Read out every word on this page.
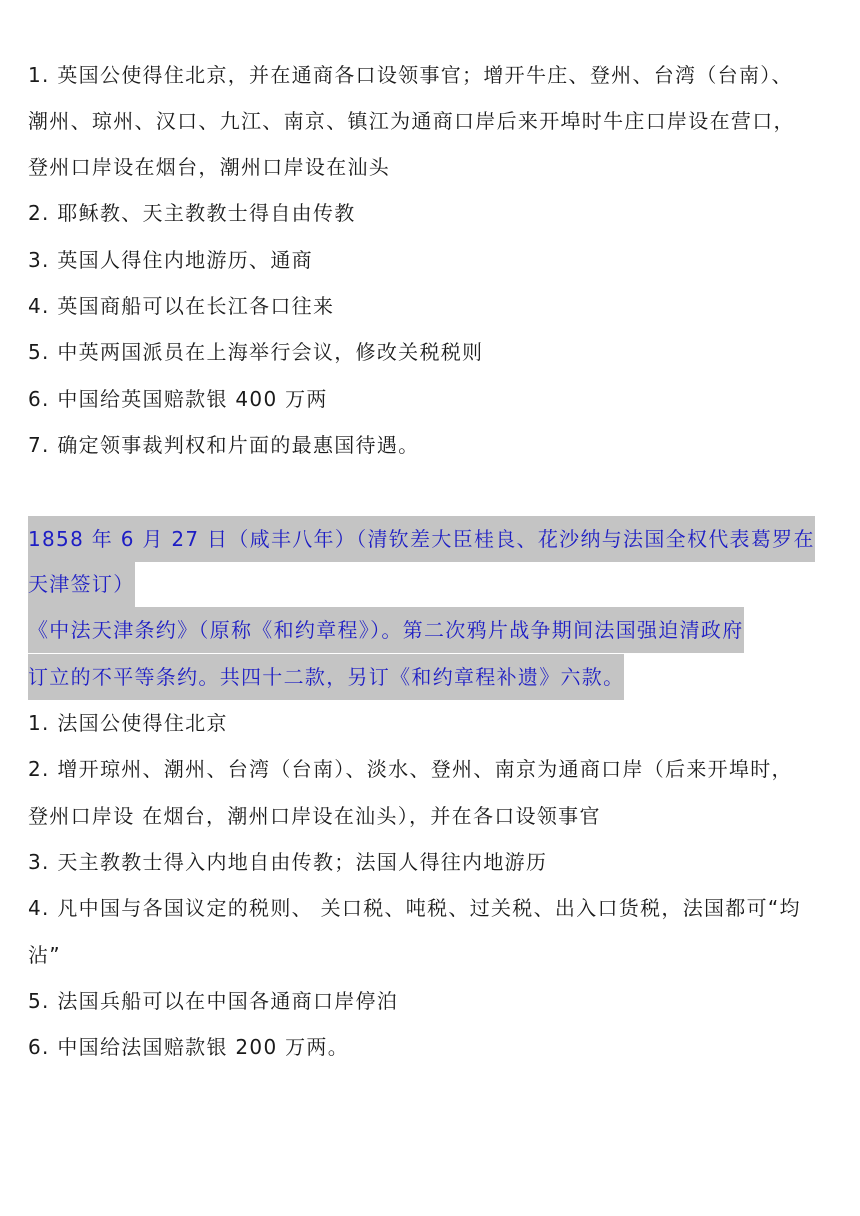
1. 英国公使得住北京，并在通商各口设领事官；增开牛庄、登州、台湾（台南）、
潮州、琼州、汉口、九江、南京、镇江为通商口岸后来开埠时牛庄口岸设在营口，
登州口岸设在烟台，潮州口岸设在汕头
2. 耶稣教、天主教教士得自由传教
3. 英国人得住内地游历、通商
4. 英国商船可以在长江各口往来
5. 中英两国派员在上海举行会议，修改关税税则
6. 中国给英国赔款银 400 万两
7. 确定领事裁判权和片面的最惠国待遇。
1858 年 6 月 27 日（咸丰八年）（清钦差大臣桂良、花沙纳与法国全权代表葛罗在
天津签订）
《中法天津条约》（原称《和约章程》）。第二次鸦片战争期间法国强迫清政府
订立的不平等条约。共四十二款，另订《和约章程补遗》六款。
1. 法国公使得住北京
2. 增开琼州、潮州、台湾（台南）、淡水、登州、南京为通商口岸（后来开埠时，
登州口岸设 在烟台，潮州口岸设在汕头），并在各口设领事官
3. 天主教教士得入内地自由传教；法国人得往内地游历
4. 凡中国与各国议定的税则、 关口税、吨税、过关税、出入口货税，法国都可“均
沾”
5. 法国兵船可以在中国各通商口岸停泊
6. 中国给法国赔款银 200 万两。
